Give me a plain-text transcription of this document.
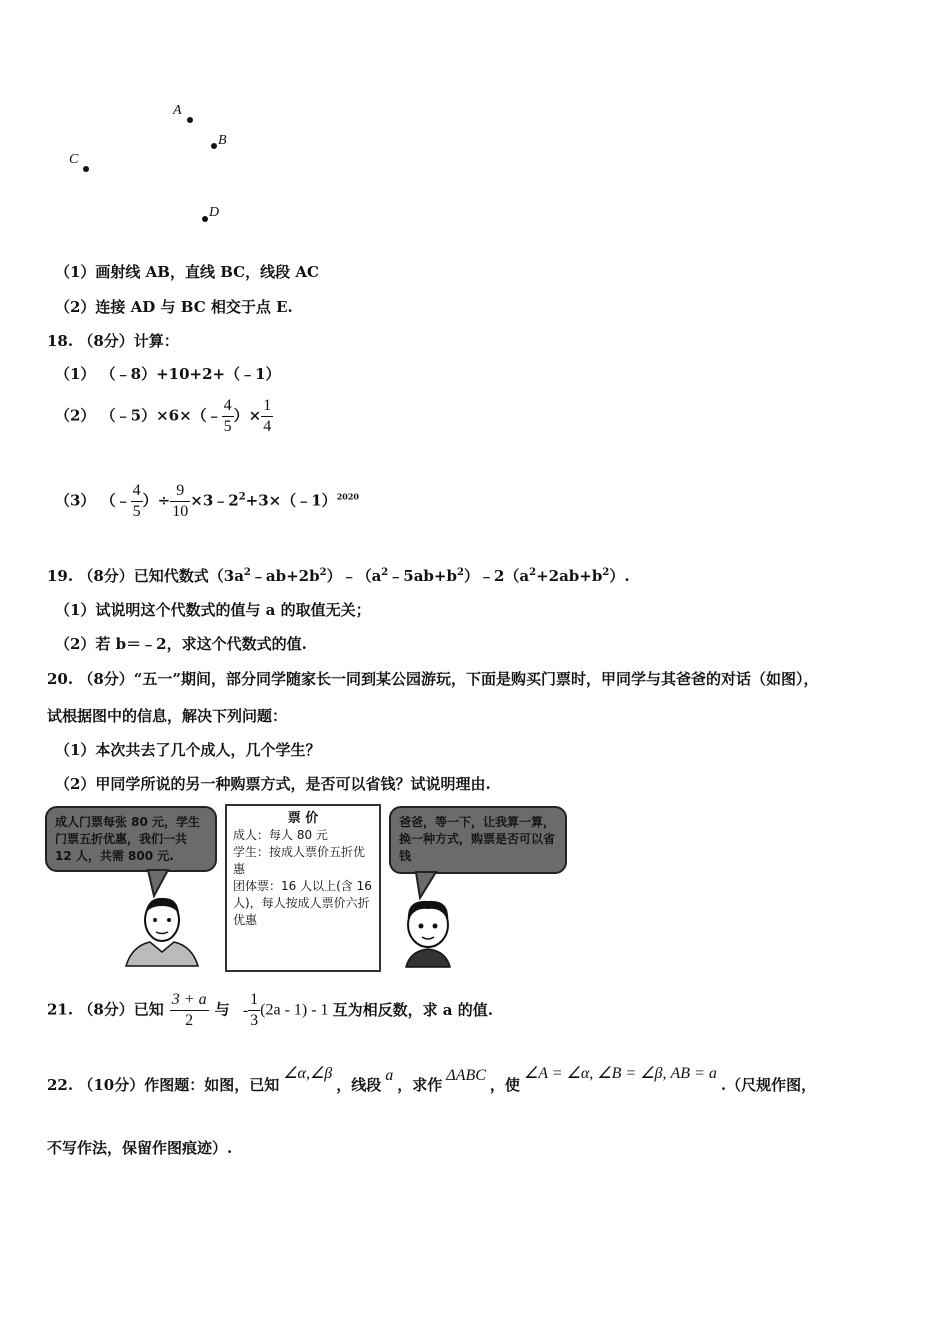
A
B
C
D
（1）画射线 AB，直线 BC，线段 AC
（2）连接 AD 与 BC 相交于点 E.
18. （8分）计算：
（1） （﹣8）+10+2+（﹣1）
（2） （﹣5）×6×（﹣ $\frac{4}{5}$ ）× $\frac{1}{4}$
（3） （﹣ $\frac{4}{5}$ ）÷ $\frac{9}{10}$ $\times 3﹣2^2+3\times(﹣1)^{2020}$
19. （8分）已知代数式$(3a^2﹣ab+2b^2)﹣(a^2﹣5ab+b^2)﹣2(a^2+2ab+b^2)$.
（1）试说明这个代数式的值与 a 的取值无关；
（2）若 b＝﹣2，求这个代数式的值.
20. （8分）“五一”期间，部分同学随家长一同到某公园游玩，下面是购买门票时，甲同学与其爸爸的对话（如图），
试根据图中的信息，解决下列问题：
（1）本次共去了几个成人，几个学生？
（2）甲同学所说的另一种购票方式，是否可以省钱？试说明理由.
成人门票每张 80 元，学生门票五折优惠，我们一共 12 人，共需 800 元.
票 价
成人：每人 80 元
学生：按成人票价五折优惠
团体票：16 人以上(含 16 人)，每人按成人票价六折优惠
爸爸，等一下，让我算一算，换一种方式，购票是否可以省钱
21. （8分）已知 $\frac{3 + a}{2}$ 与 - $\frac{1}{3} (2a - 1) - 1$ 互为相反数，求 a 的值.
22. （10分）作图题：如图，已知∠α,∠β，线段a，求作ΔABC，使∠A = ∠α, ∠B = ∠β, AB = a.（尺规作图，
不写作法，保留作图痕迹）.
